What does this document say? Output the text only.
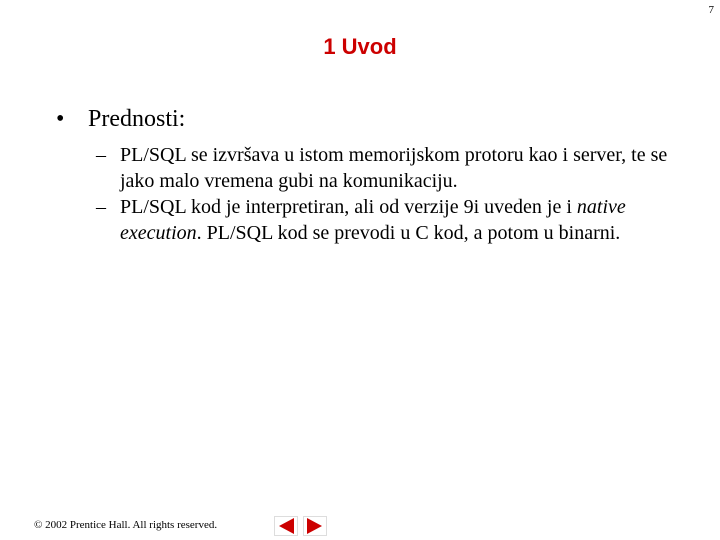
7
1 Uvod
• Prednosti:
– PL/SQL se izvršava u istom memorijskom protoru kao i server, te se jako malo vremena gubi na komunikaciju.
– PL/SQL kod je interpretiran, ali od verzije 9i uveden je i native execution. PL/SQL kod se prevodi u C kod, a potom u binarni.
© 2002 Prentice Hall. All rights reserved.
